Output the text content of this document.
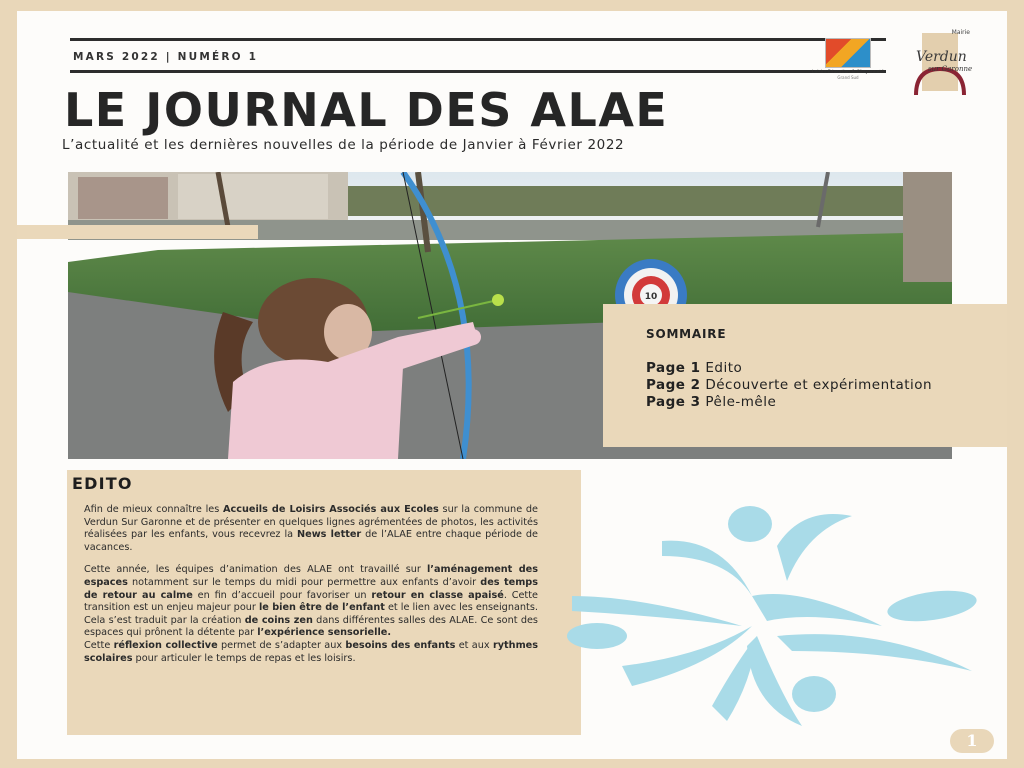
MARS 2022 | NUMÉRO 1
Loisirs Education & Citoyenneté
Grand Sud
Mairie
Verdun
sur Garonne
LE JOURNAL DES ALAE
L’actualité et les dernières nouvelles de la période de Janvier à Février 2022
10
SOMMAIRE
Page 1 Edito
Page 2 Découverte et expérimentation
Page 3 Pêle-mêle
EDITO

Afin de mieux connaître les Accueils de Loisirs Associés aux Ecoles sur la commune de Verdun Sur Garonne et de présenter en quelques lignes agrémentées de photos, les activités réalisées par les enfants, vous recevrez la News letter de l’ALAE entre chaque période de vacances.

Cette année, les équipes d’animation des ALAE ont travaillé sur l’aménagement des espaces notamment sur le temps du midi pour permettre aux enfants d’avoir des temps de retour au calme en fin d’accueil pour favoriser un retour en classe apaisé. Cette transition est un enjeu majeur pour le bien être de l’enfant et le lien avec les enseignants.

Cela s’est traduit par la création de coins zen dans différentes salles des ALAE. Ce sont des espaces qui prônent la détente par l’expérience sensorielle.

Cette réflexion collective permet de s’adapter aux besoins des enfants et aux rythmes scolaires pour articuler le temps de repas et les loisirs.

1
